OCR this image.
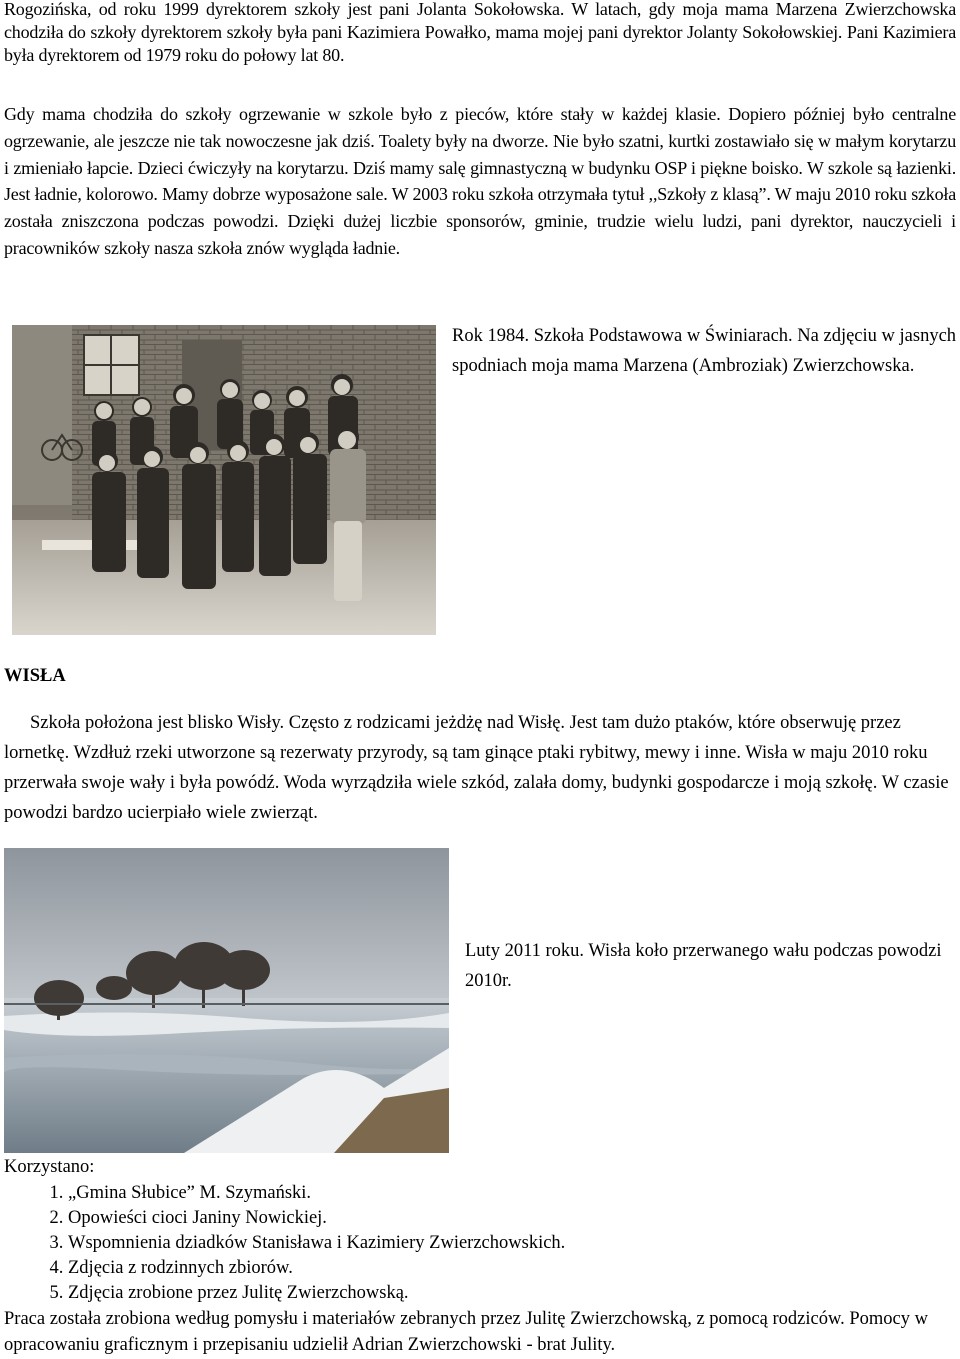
Rogozińska, od roku 1999 dyrektorem szkoły jest pani Jolanta Sokołowska. W latach, gdy moja mama Marzena Zwierzchowska chodziła do szkoły dyrektorem szkoły była pani Kazimiera Powałko, mama mojej pani dyrektor Jolanty Sokołowskiej. Pani Kazimiera była dyrektorem od 1979 roku do połowy lat 80.

Gdy mama chodziła do szkoły ogrzewanie w szkole było z pieców, które stały w każdej klasie. Dopiero później było centralne ogrzewanie, ale jeszcze nie tak nowoczesne jak dziś. Toalety były na dworze. Nie było szatni, kurtki zostawiało się w małym korytarzu i zmieniało łapcie. Dzieci ćwiczyły na korytarzu. Dziś mamy salę gimnastyczną w budynku OSP i piękne boisko. W szkole są łazienki. Jest ładnie, kolorowo. Mamy dobrze wyposażone sale. W 2003 roku szkoła otrzymała tytuł ,,Szkoły z klasą”. W maju 2010 roku szkoła została zniszczona podczas powodzi. Dzięki dużej liczbie sponsorów, gminie, trudzie wielu ludzi, pani dyrektor, nauczycieli i pracowników szkoły nasza szkoła znów wygląda ładnie.

Rok 1984. Szkoła Podstawowa w Świniarach. Na zdjęciu w jasnych spodniach moja mama Marzena (Ambroziak) Zwierzchowska.

WISŁA

Szkoła położona jest blisko Wisły. Często z rodzicami jeżdżę nad Wisłę. Jest tam dużo ptaków, które obserwuję przez lornetkę. Wzdłuż rzeki utworzone są rezerwaty przyrody, są tam ginące ptaki rybitwy, mewy i inne. Wisła w maju 2010 roku przerwała swoje wały i była powódź. Woda wyrządziła wiele szkód, zalała domy, budynki gospodarcze i moją szkołę. W czasie powodzi bardzo ucierpiało wiele zwierząt.

Luty 2011 roku. Wisła koło przerwanego wału podczas powodzi 2010r.

Korzystano:

1. „Gmina Słubice” M. Szymański.
2. Opowieści cioci Janiny Nowickiej.
3. Wspomnienia dziadków Stanisława i Kazimiery Zwierzchowskich.
4. Zdjęcia z rodzinnych zbiorów.
5. Zdjęcia zrobione przez Julitę Zwierzchowską.

Praca została zrobiona według pomysłu i materiałów zebranych przez Julitę Zwierzchowską, z pomocą rodziców. Pomocy w opracowaniu graficznym i przepisaniu udzielił Adrian Zwierzchowski - brat Julity.
